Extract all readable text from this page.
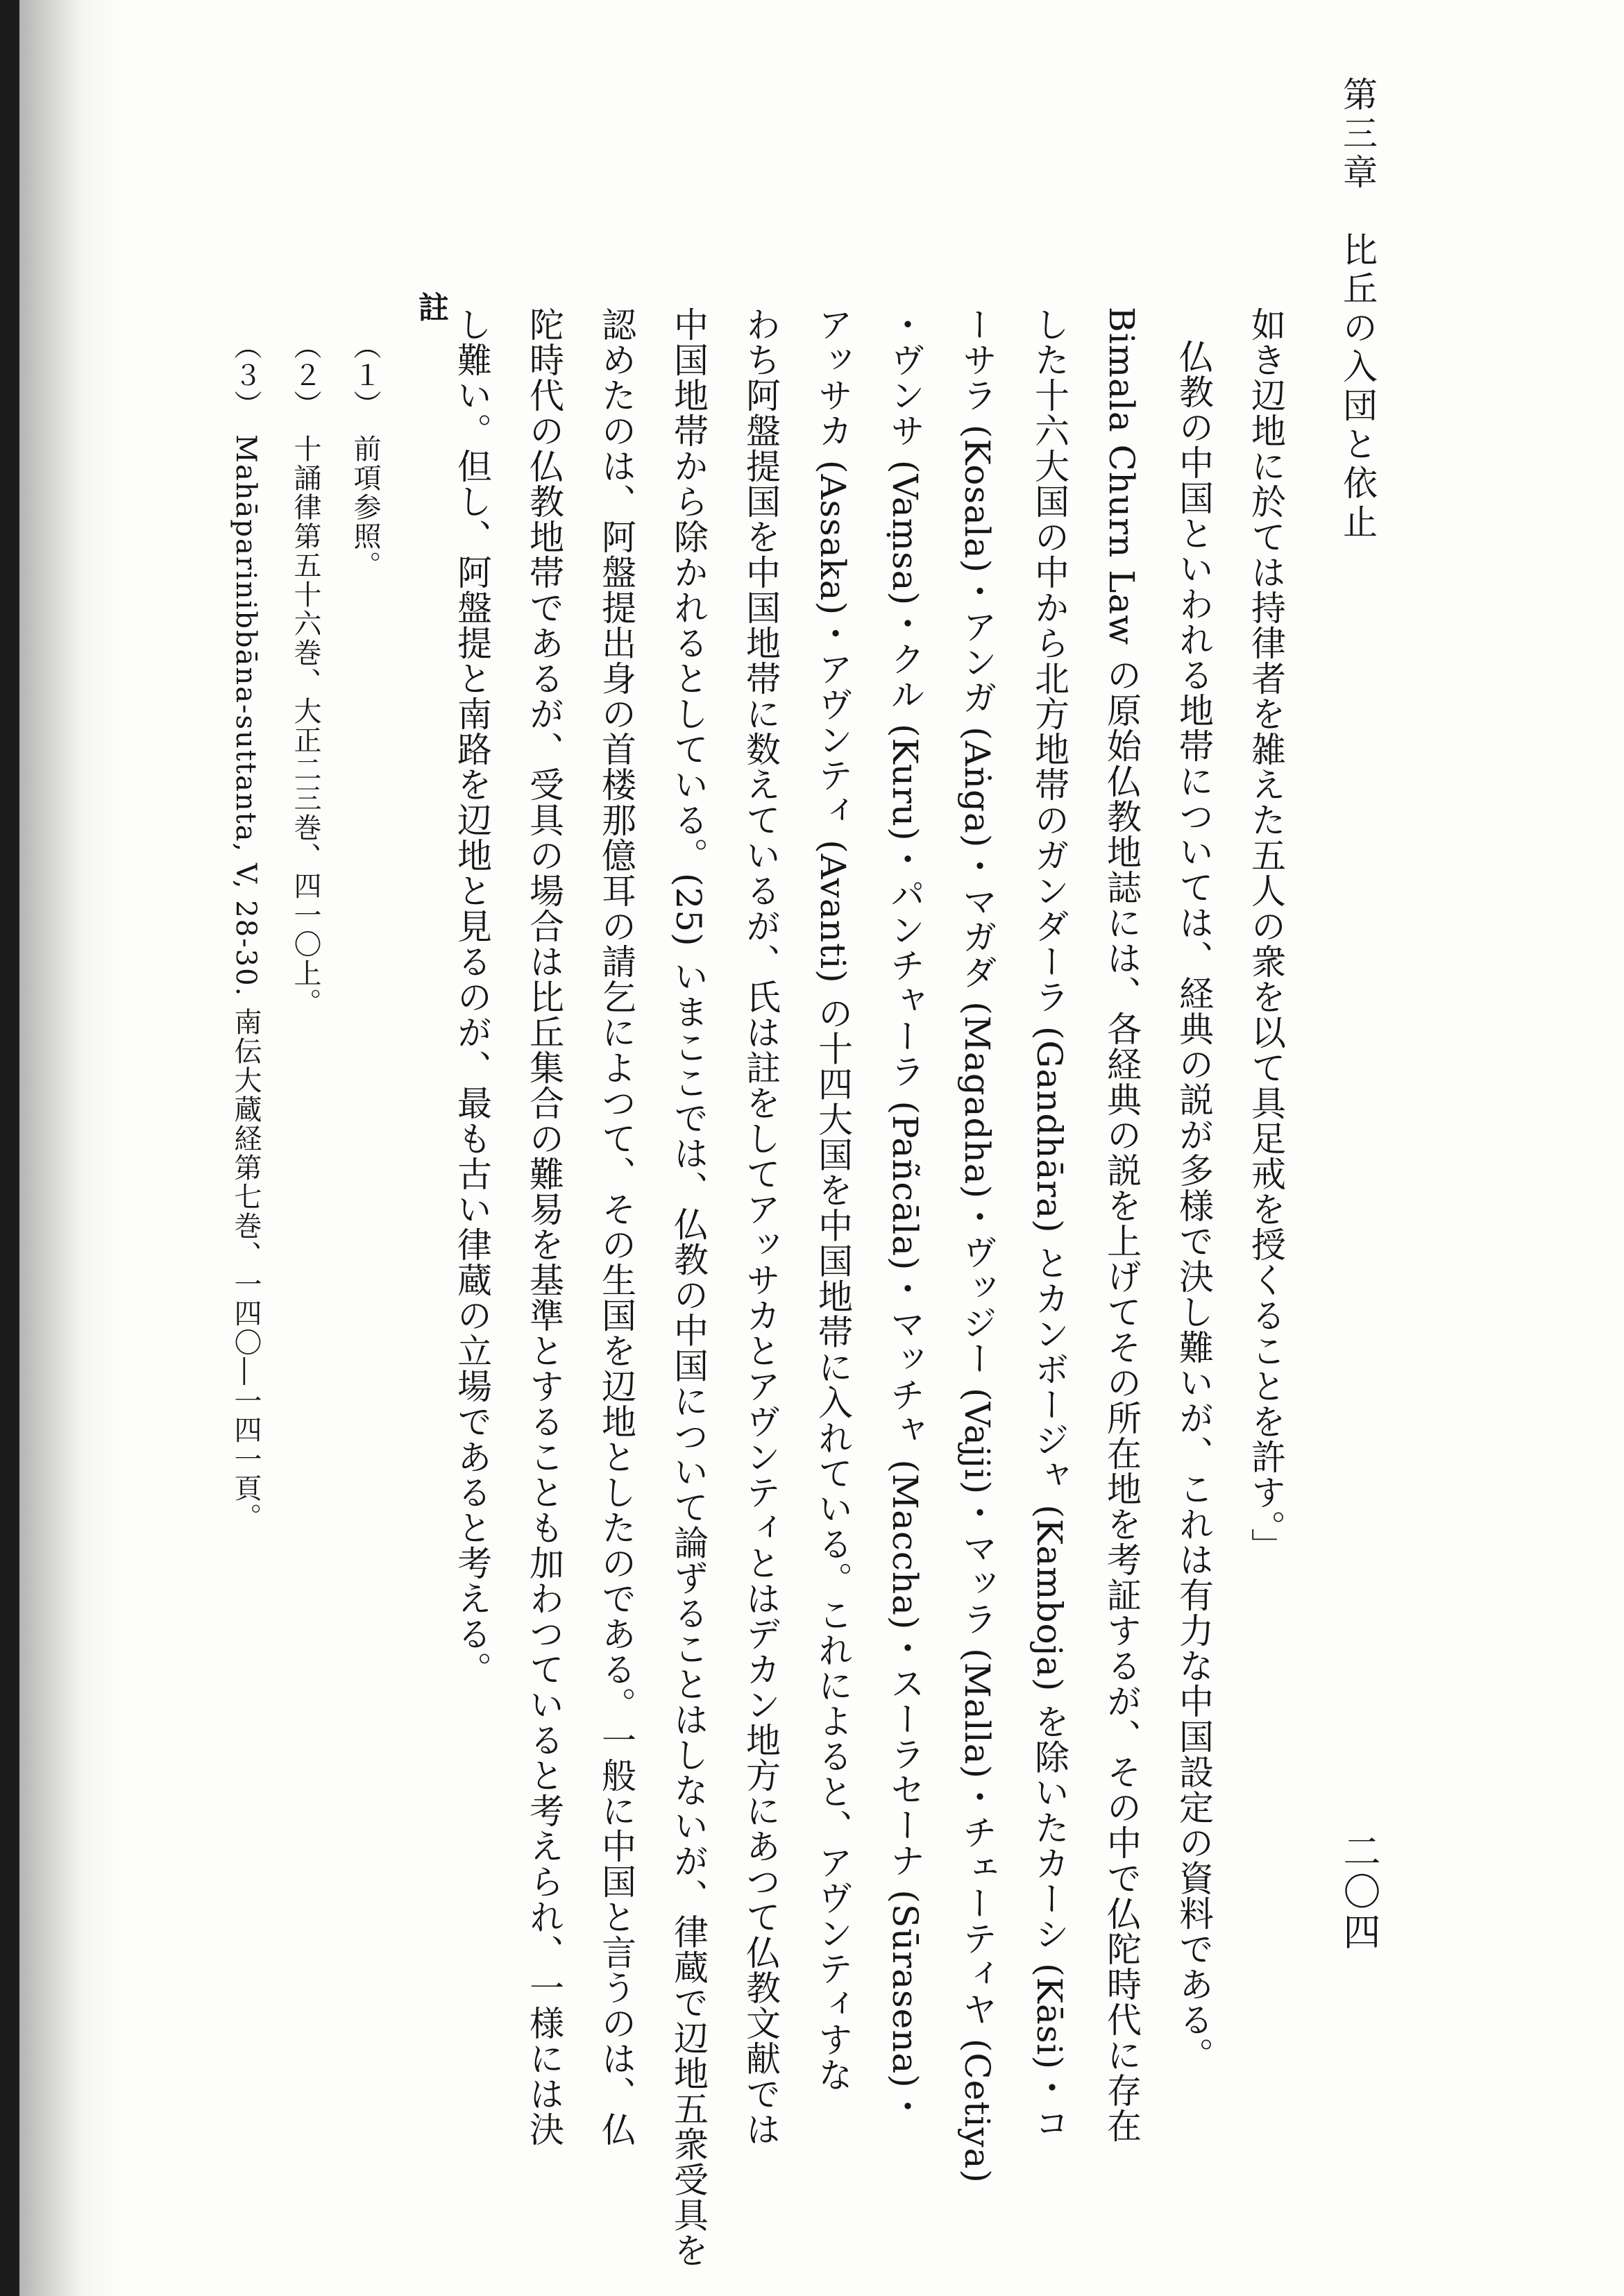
第三章　比丘の入団と依止
二〇四
如き辺地に於ては持律者を雑えた五人の衆を以て具足戒を授くることを許す。」
仏教の中国といわれる地帯については、経典の説が多様で決し難いが、これは有力な中国設定の資料である。
Bimala Churn Law の原始仏教地誌には、各経典の説を上げてその所在地を考証するが、その中で仏陀時代に存在
した十六大国の中から北方地帯のガンダーラ (Gandhāra) とカンボージャ (Kamboja) を除いたカーシ (Kāsi)・コ
ーサラ (Kosala)・アンガ (Aṅga)・マガダ (Magadha)・ヴッジー (Vajji)・マッラ (Malla)・チェーティヤ (Cetiya)
・ヴンサ (Vaṃsa)・クル (Kuru)・パンチャーラ (Pañcāla)・マッチャ (Maccha)・スーラセーナ (Sūrasena)・
アッサカ (Assaka)・アヴンティ (Avanti) の十四大国を中国地帯に入れている。これによると、アヴンティすな
わち阿盤提国を中国地帯に数えているが、氏は註をしてアッサカとアヴンティとはデカン地方にあつて仏教文献では
中国地帯から除かれるとしている。(25) いまここでは、仏教の中国について論ずることはしないが、律蔵で辺地五衆受具を
認めたのは、阿盤提出身の首楼那億耳の請乞によつて、その生国を辺地としたのである。一般に中国と言うのは、仏
陀時代の仏教地帯であるが、受具の場合は比丘集合の難易を基準とすることも加わつていると考えられ、一様には決
し難い。但し、阿盤提と南路を辺地と見るのが、最も古い律蔵の立場であると考える。
註
（１）　前項参照。
（２）　十誦律第五十六巻、大正二三巻、四一〇上。
（３）　Mahāparinibbāna-suttanta, V, 28-30. 南伝大蔵経第七巻、一四〇―一四一頁。
